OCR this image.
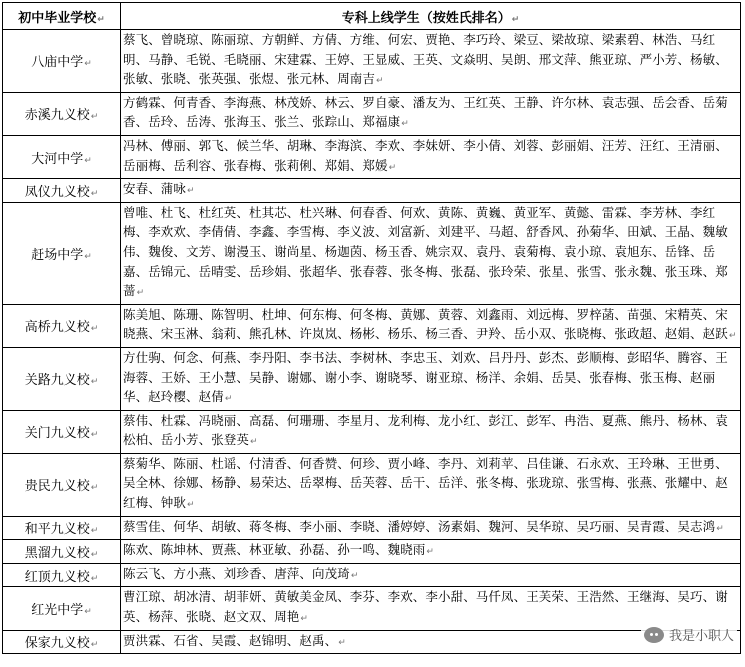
初中毕业学校↵	专科上线学生（按姓氏排名）↵
八庙中学↵	蔡飞、曾晓琼、陈丽琼、方朝鲜、方倩、方维、何宏、贾艳、李巧玲、梁豆、梁故琼、梁素碧、林浩、马红明、马静、毛锐、毛晓丽、宋建霖、王婷、王显威、王英、文焱明、吴朗、邢文萍、熊亚琼、严小芳、杨敏、张敏、张晓、张英强、张煜、张元林、周南吉↵
赤溪九义校↵	方鹤霖、何青香、李海燕、林茂娇、林云、罗自豪、潘友为、王红英、王静、许尔林、袁志强、岳会香、岳菊香、岳玲、岳涛、张海玉、张兰、张踪山、郑福康↵
大河中学↵	冯林、傅丽、郭飞、候兰华、胡琳、李海滨、李欢、李妹妍、李小倩、刘蓉、彭丽娟、汪芳、汪红、王清丽、岳丽梅、岳利容、张春梅、张莉俐、郑娟、郑媛↵
凤仪九义校↵	安春、蒲咏↵
赶场中学↵	曾唯、杜飞、杜红英、杜其芯、杜兴琳、何春香、何欢、黄陈、黄巍、黄亚军、黄懿、雷霖、李芳林、李红梅、李欢欢、李倩倩、李鑫、李雪梅、李义波、刘富新、刘建平、马超、舒香风、孙菊华、田斌、王晶、魏敏伟、魏俊、文芳、谢漫玉、谢尚星、杨迦茵、杨玉香、姚宗双、袁丹、袁菊梅、袁小琼、袁旭东、岳锋、岳嘉、岳锦元、岳晴雯、岳珍娟、张超华、张春蓉、张冬梅、张磊、张玲荣、张星、张雪、张永魏、张玉珠、郑蔷↵
高桥九义校↵	陈美旭、陈珊、陈智明、杜坤、何东梅、何冬梅、黄娜、黄蓉、刘鑫雨、刘远梅、罗梓菡、苗强、宋精英、宋晓燕、宋玉淋、翁莉、熊孔林、许岚岚、杨彬、杨乐、杨三香、尹羚、岳小双、张晓梅、张政超、赵娟、赵跃↵
关路九义校↵	方仕驹、何念、何燕、李丹阳、李书法、李树林、李忠玉、刘欢、吕丹丹、彭杰、彭顺梅、彭昭华、腾容、王海蓉、王娇、王小慧、吴静、谢娜、谢小李、谢晓琴、谢亚琼、杨洋、余娟、岳昊、张春梅、张玉梅、赵丽华、赵玲樱、赵倩↵
关门九义校↵	蔡伟、杜霖、冯晓丽、高磊、何珊珊、李星月、龙利梅、龙小红、彭江、彭军、冉浩、夏燕、熊丹、杨林、袁松柏、岳小芳、张登英↵
贵民九义校↵	蔡菊华、陈丽、杜谣、付清香、何香赞、何珍、贾小峰、李丹、刘莉苹、吕佳谦、石永欢、王玲琳、王世勇、吴全林、徐娜、杨静、易荣达、岳翠梅、岳芙蓉、岳干、岳洋、张冬梅、张珑琼、张雪梅、张燕、张耀中、赵红梅、钟耿↵
和平九义校↵	蔡雪佳、何华、胡敏、蒋冬梅、李小丽、李晓、潘婷婷、汤素娟、魏河、吴华琼、吴巧丽、吴青霞、吴志鸿↵
黑溜九义校↵	陈欢、陈坤林、贾燕、林亚敏、孙磊、孙一鸣、魏晓雨↵
红顶九义校↵	陈云飞、方小燕、刘珍香、唐萍、向茂琦↵
红光中学↵	曹江琼、胡冰清、胡菲妍、黄敏美金凤、李芬、李欢、李小甜、马仟凤、王芙荣、王浩然、王继海、吴巧、谢英、杨萍、张晓、赵文双、周艳↵
保家九义校↵	贾洪霖、石省、吴霞、赵锦明、赵禹、↵	我是小职人
